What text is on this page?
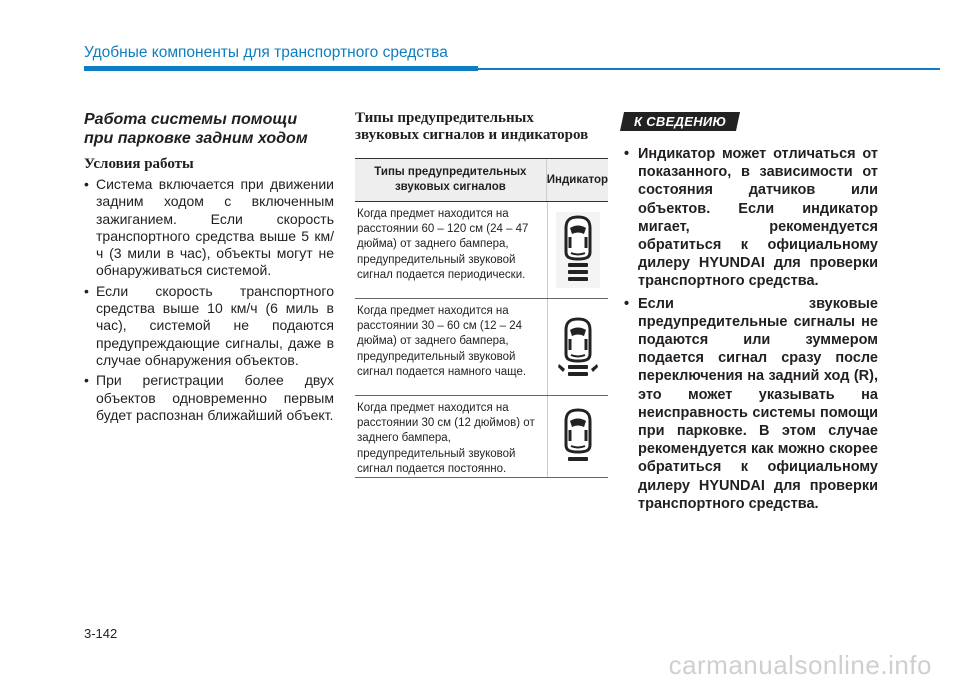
Удобные компоненты для транспортного средства

Работа системы помощи
при парковке задним ходом

Условия работы

• Система включается при движении задним ходом с включенным зажиганием. Если скорость транспортного средства выше 5 км/ч (3 мили в час), объекты могут не обнаруживаться системой.
• Если скорость транспортного средства выше 10 км/ч (6 миль в час), системой не подаются предупреждающие сигналы, даже в случае обнаружения объектов.
• При регистрации более двух объектов одновременно первым будет распознан ближайший объект.

Типы предупредительных
звуковых сигналов и индикаторов

Типы предупредительных звуковых сигналов
Индикатор
Когда предмет находится на расстоянии 60 – 120 см (24 – 47 дюйма) от заднего бампера, предупредительный звуковой сигнал подается периодически.
Когда предмет находится на расстоянии 30 – 60 см (12 – 24 дюйма) от заднего бампера, предупредительный звуковой сигнал подается намного чаще.
Когда предмет находится на расстоянии 30 см (12 дюймов) от заднего бампера, предупредительный звуковой сигнал подается постоянно.
К СВЕДЕНИЮ
• Индикатор может отличаться от показанного, в зависимости от состояния датчиков или объектов. Если индикатор мигает, рекомендуется обратиться к официальному дилеру HYUNDAI для проверки транспортного средства.
• Если звуковые предупредительные сигналы не подаются или зуммером подается сигнал сразу после переключения на задний ход (R), это может указывать на неисправность системы помощи при парковке. В этом случае рекомендуется как можно скорее обратиться к официальному дилеру HYUNDAI для проверки транспортного средства.
3-142
carmanualsonline.info
